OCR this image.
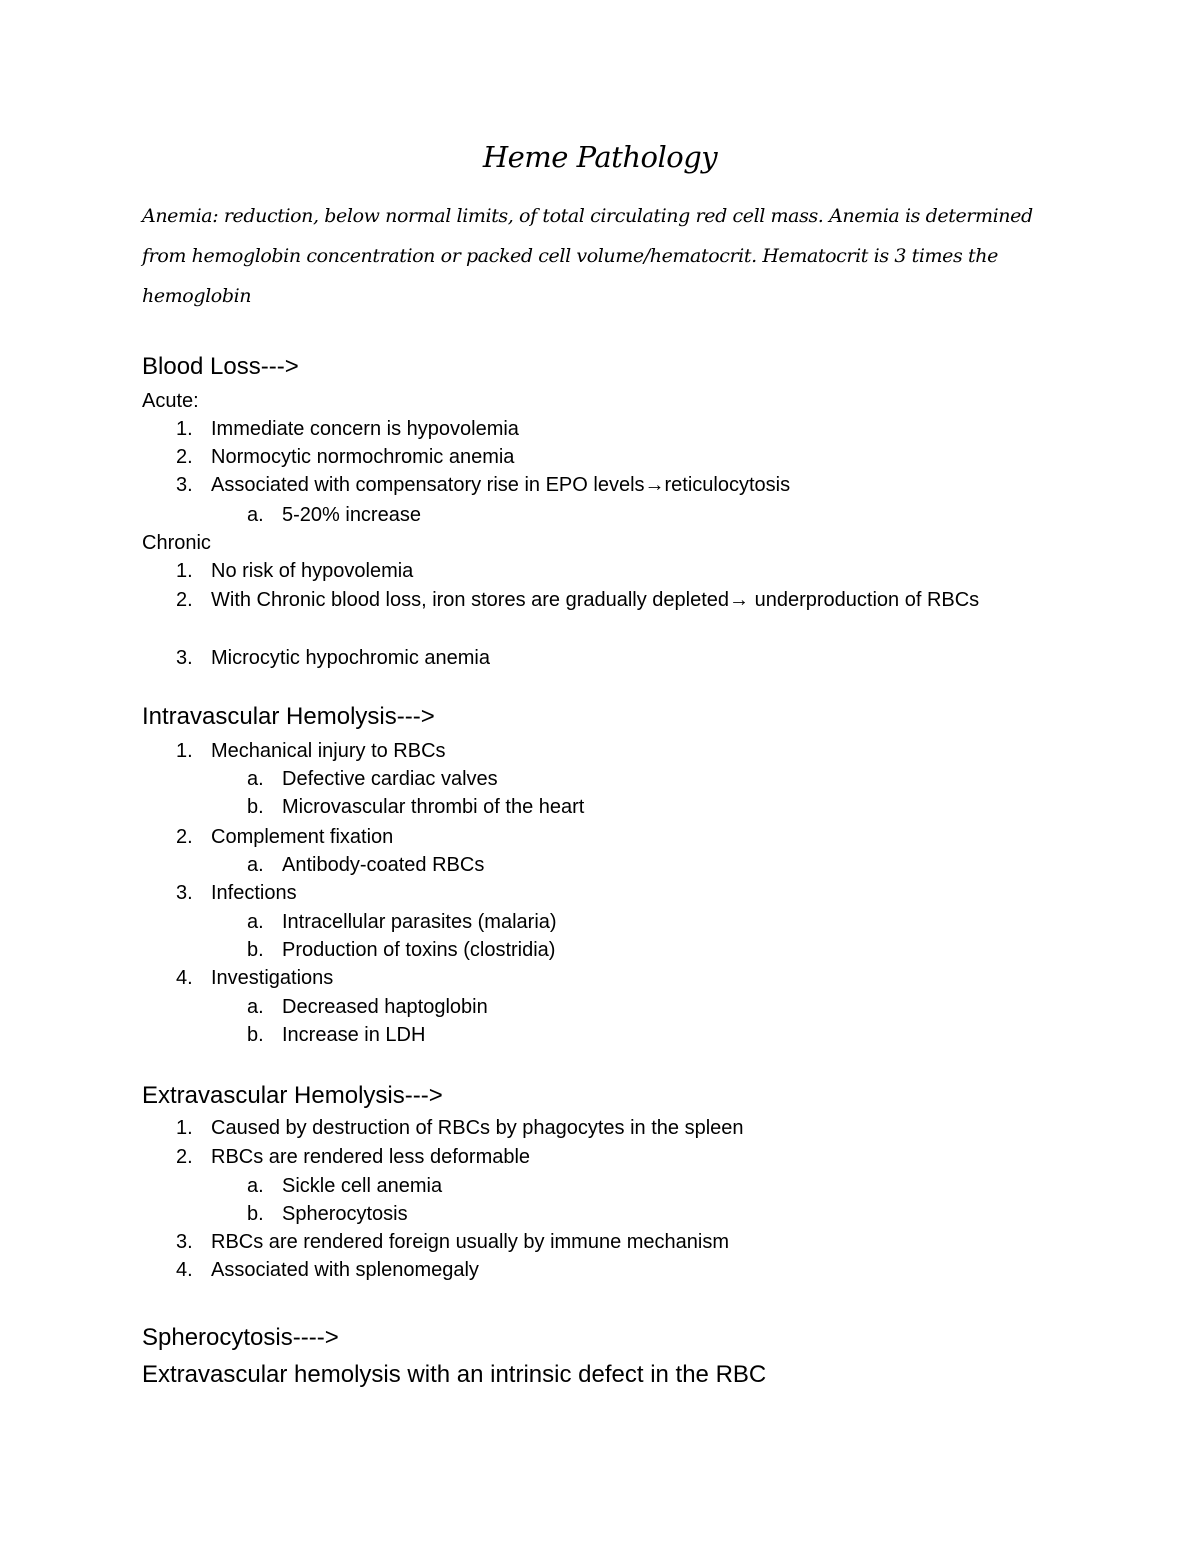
Heme Pathology

Anemia: reduction, below normal limits, of total circulating red cell mass. Anemia is determined from hemoglobin concentration or packed cell volume/hematocrit. Hematocrit is 3 times the hemoglobin

Blood Loss--->
Acute:
1. Immediate concern is hypovolemia
2. Normocytic normochromic anemia
3. Associated with compensatory rise in EPO levels→reticulocytosis
a. 5-20% increase
Chronic
1. No risk of hypovolemia
2. With Chronic blood loss, iron stores are gradually depleted→ underproduction of RBCs
3. Microcytic hypochromic anemia
Intravascular Hemolysis--->
1. Mechanical injury to RBCs
a. Defective cardiac valves
b. Microvascular thrombi of the heart
2. Complement fixation
a. Antibody-coated RBCs
3. Infections
a. Intracellular parasites (malaria)
b. Production of toxins (clostridia)
4. Investigations
a. Decreased haptoglobin
b. Increase in LDH
Extravascular Hemolysis--->
1. Caused by destruction of RBCs by phagocytes in the spleen
2. RBCs are rendered less deformable
a. Sickle cell anemia
b. Spherocytosis
3. RBCs are rendered foreign usually by immune mechanism
4. Associated with splenomegaly
Spherocytosis---->
Extravascular hemolysis with an intrinsic defect in the RBC
